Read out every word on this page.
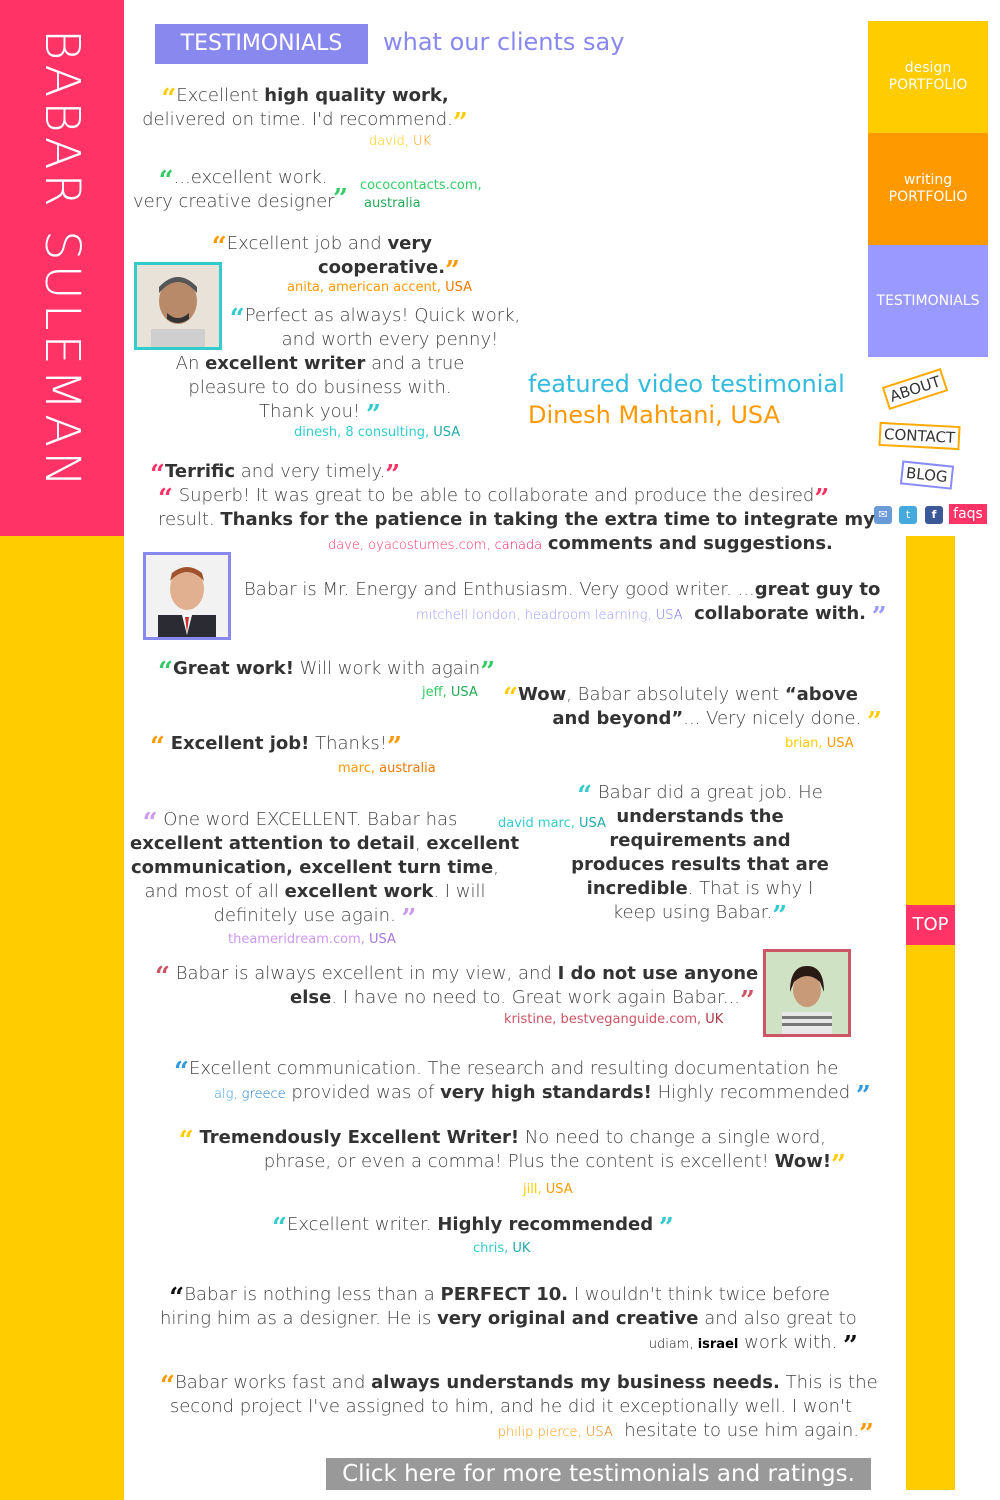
BABAR SULEMAN	design
PORTFOLIO
writing
PORTFOLIO
TESTIMONIALS
ABOUT
CONTACT
BLOG
✉	t	f	faqs
TOP
TESTIMONIALS	what our clients say
featured video testimonial
Dinesh Mahtani, USA
“Excellent high quality work,
delivered on time. I'd recommend.”
david, UK
“...excellent work.
very creative designer
” cococontacts.com,
australia
“Excellent job and very
cooperative.”
anita, american accent, USA
“Perfect as always! Quick work,
and worth every penny!
An excellent writer and a true
pleasure to do business with.
Thank you! ”
dinesh, 8 consulting, USA
“Terrific and very timely.”
“ Superb! It was great to be able to collaborate and produce the desired”
result. Thanks for the patience in taking the extra time to integrate my
dave, oyacostumes.com, canada comments and suggestions.
Babar is Mr. Energy and Enthusiasm. Very good writer. ...great guy to
mitchell london, headroom learning, USA collaborate with. ”
“Great work! Will work with again”
jeff, USA “Wow, Babar absolutely went “above
and beyond”... Very nicely done. ”
brian, USA
“ Excellent job! Thanks!”
marc, australia
“ One word EXCELLENT. Babar has
excellent attention to detail, excellent
communication, excellent turn time,
and most of all excellent work. I will
definitely use again. ”
theameridream.com, USA
david marc, USA
“ Babar did a great job. He
understands the
requirements and
produces results that are
incredible. That is why I
keep using Babar.”
“ Babar is always excellent in my view, and I do not use anyone
else. I have no need to. Great work again Babar...”
kristine, bestveganguide.com, UK
“Excellent communication. The research and resulting documentation he
alg, greece provided was of very high standards! Highly recommended ”
“ Tremendously Excellent Writer! No need to change a single word,
phrase, or even a comma! Plus the content is excellent! Wow!”
jill, USA
“Excellent writer. Highly recommended ”
chris, UK
“Babar is nothing less than a PERFECT 10. I wouldn't think twice before
hiring him as a designer. He is very original and creative and also great to
udiam, israel work with. ”
“Babar works fast and always understands my business needs. This is the
second project I've assigned to him, and he did it exceptionally well. I won't
philip pierce, USA hesitate to use him again.”
Click here for more testimonials and ratings.
